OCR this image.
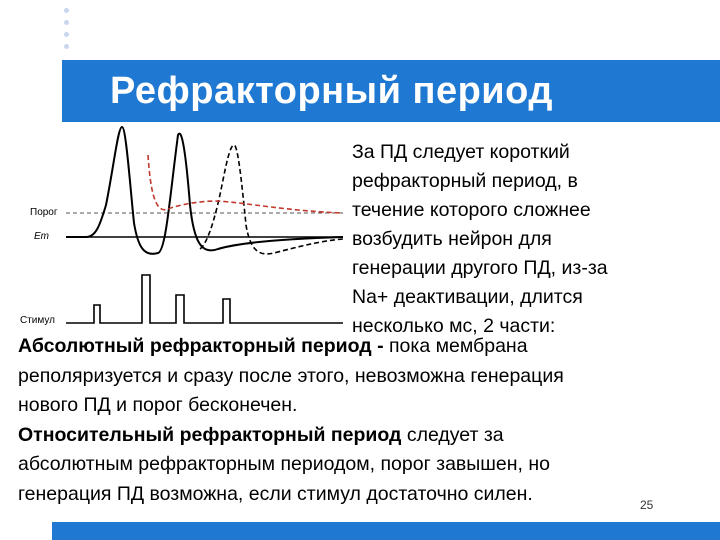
Рефракторный период
Порог
Em
Стимул
За ПД следует короткий
рефракторный период, в
течение которого сложнее
возбудить нейрон для
генерации другого ПД, из-за
Na+ деактивации, длится
несколько мс, 2 части:
Абсолютный рефракторный период - пока мембрана
реполяризуется и сразу после этого, невозможна генерация
нового ПД и порог бесконечен.
Относительный рефракторный период следует за
абсолютным рефракторным периодом, порог завышен, но
генерация ПД возможна, если стимул достаточно силен.
25
